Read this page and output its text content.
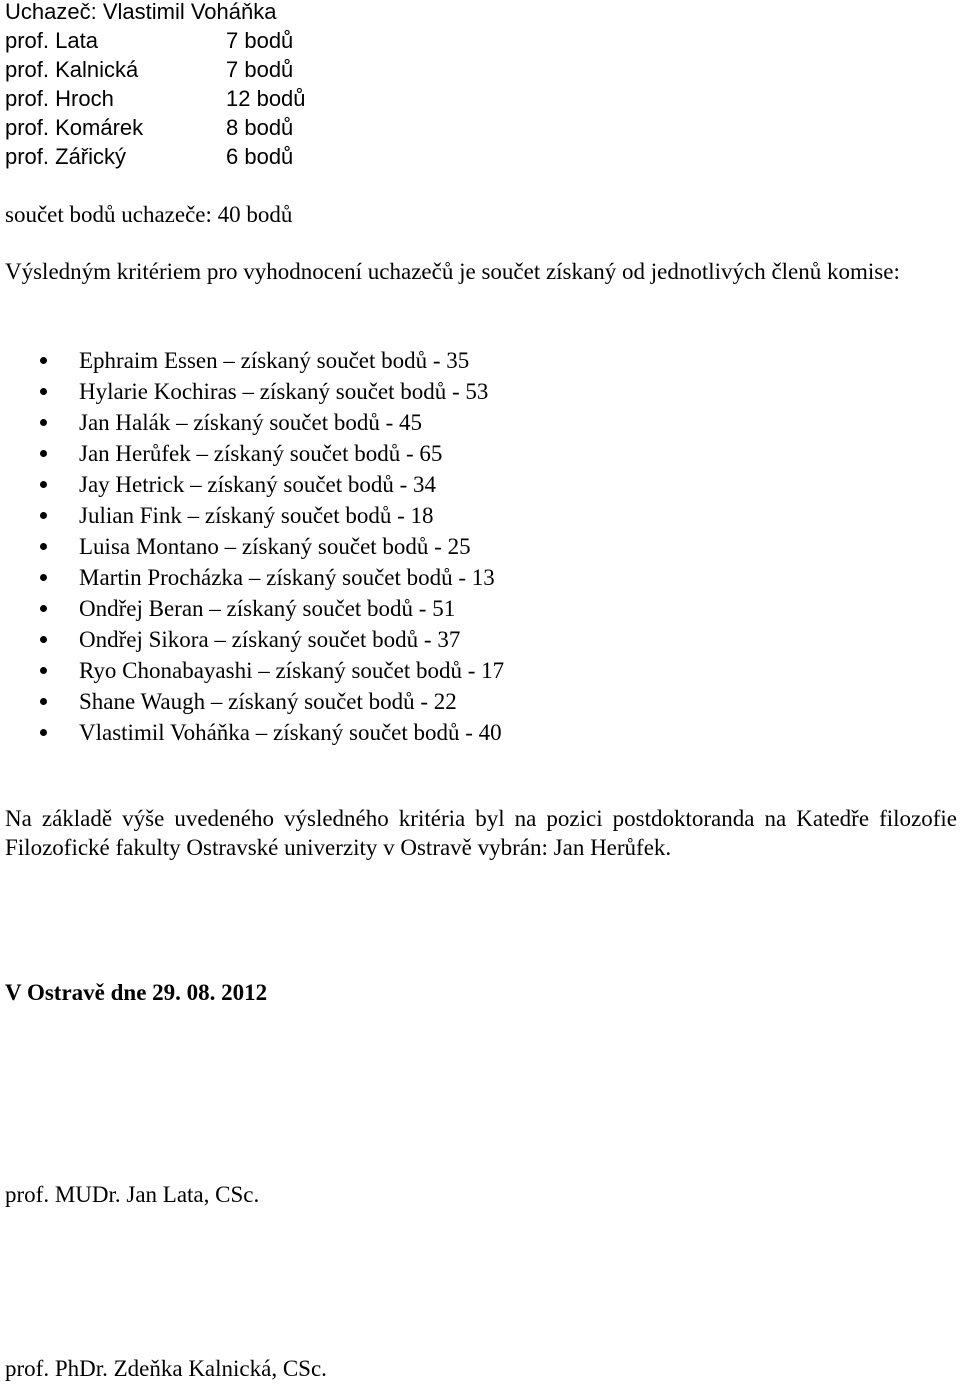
Uchazeč: Vlastimil Voháňka
prof. Lata	7 bodů
prof. Kalnická	7 bodů
prof. Hroch	12 bodů
prof. Komárek	8 bodů
prof. Zářický	6 bodů
součet bodů uchazeče: 40 bodů
Výsledným kritériem pro vyhodnocení uchazečů je součet získaný od jednotlivých členů komise:
Ephraim Essen – získaný součet bodů - 35
Hylarie Kochiras – získaný součet bodů - 53
Jan Halák – získaný součet bodů - 45
Jan Herůfek – získaný součet bodů - 65
Jay Hetrick – získaný součet bodů - 34
Julian Fink – získaný součet bodů - 18
Luisa Montano – získaný součet bodů - 25
Martin Procházka – získaný součet bodů - 13
Ondřej Beran – získaný součet bodů - 51
Ondřej Sikora – získaný součet bodů - 37
Ryo Chonabayashi – získaný součet bodů - 17
Shane Waugh – získaný součet bodů - 22
Vlastimil Voháňka – získaný součet bodů - 40
Na základě výše uvedeného výsledného kritéria byl na pozici postdoktoranda na Katedře filozofie Filozofické fakulty Ostravské univerzity v Ostravě vybrán: Jan Herůfek.
V Ostravě dne 29. 08. 2012
prof. MUDr. Jan Lata, CSc.
prof. PhDr. Zdeňka Kalnická, CSc.
